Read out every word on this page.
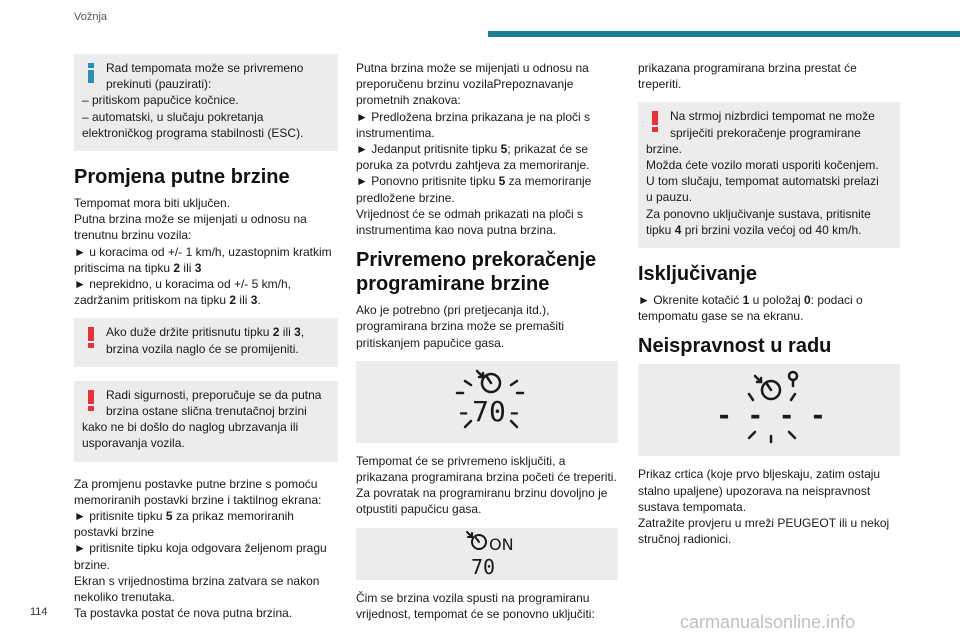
Vožnja
Rad tempomata može se privremeno
prekinuti (pauzirati):
– pritiskom papučice kočnice.
– automatski, u slučaju pokretanja
elektroničkog programa stabilnosti (ESC).
Promjena putne brzine
Tempomat mora biti uključen.
Putna brzina može se mijenjati u odnosu na
trenutnu brzinu vozila:
► u koracima od +/- 1 km/h, uzastopnim kratkim
pritiscima na tipku 2 ili 3
► neprekidno, u koracima od +/- 5 km/h,
zadržanim pritiskom na tipku 2 ili 3.
Ako duže držite pritisnutu tipku 2 ili 3,
brzina vozila naglo će se promijeniti.
Radi sigurnosti, preporučuje se da putna
brzina ostane slična trenutačnoj brzini
kako ne bi došlo do naglog ubrzavanja ili
usporavanja vozila.
Za promjenu postavke putne brzine s pomoću
memoriranih postavki brzine i taktilnog ekrana:
► pritisnite tipku 5 za prikaz memoriranih
postavki brzine
► pritisnite tipku koja odgovara željenom pragu
brzine.
Ekran s vrijednostima brzina zatvara se nakon
nekoliko trenutaka.
Ta postavka postat će nova putna brzina.
Putna brzina može se mijenjati u odnosu na
preporučenu brzinu vozilaPrepoznavanje
prometnih znakova:
► Predložena brzina prikazana je na ploči s
instrumentima.
► Jedanput pritisnite tipku 5; prikazat će se
poruka za potvrdu zahtjeva za memoriranje.
► Ponovno pritisnite tipku 5 za memoriranje
predložene brzine.
Vrijednost će se odmah prikazati na ploči s
instrumentima kao nova putna brzina.
Privremeno prekoračenje
programirane brzine
Ako je potrebno (pri pretjecanja itd.),
programirana brzina može se premašiti
pritiskanjem papučice gasa.
-70-
Tempomat će se privremeno isključiti, a
prikazana programirana brzina početi će treperiti.
Za povratak na programiranu brzinu dovoljno je
otpustiti papučicu gasa.
ON
70
Čim se brzina vozila spusti na programiranu
vrijednost, tempomat će se ponovno uključiti:
prikazana programirana brzina prestat će
treperiti.
Na strmoj nizbrdici tempomat ne može
spriječiti prekoračenje programirane
brzine.
Možda ćete vozilo morati usporiti kočenjem.
U tom slučaju, tempomat automatski prelazi
u pauzu.
Za ponovno uključivanje sustava, pritisnite
tipku 4 pri brzini vozila većoj od 40 km/h.
Isključivanje
► Okrenite kotačić 1 u položaj 0: podaci o
tempomatu gase se na ekranu.
Neispravnost u radu
- - - -
Prikaz crtica (koje prvo bljeskaju, zatim ostaju
stalno upaljene) upozorava na neispravnost
sustava tempomata.
Zatražite provjeru u mreži PEUGEOT ili u nekoj
stručnoj radionici.
114	carmanualsonline.info
